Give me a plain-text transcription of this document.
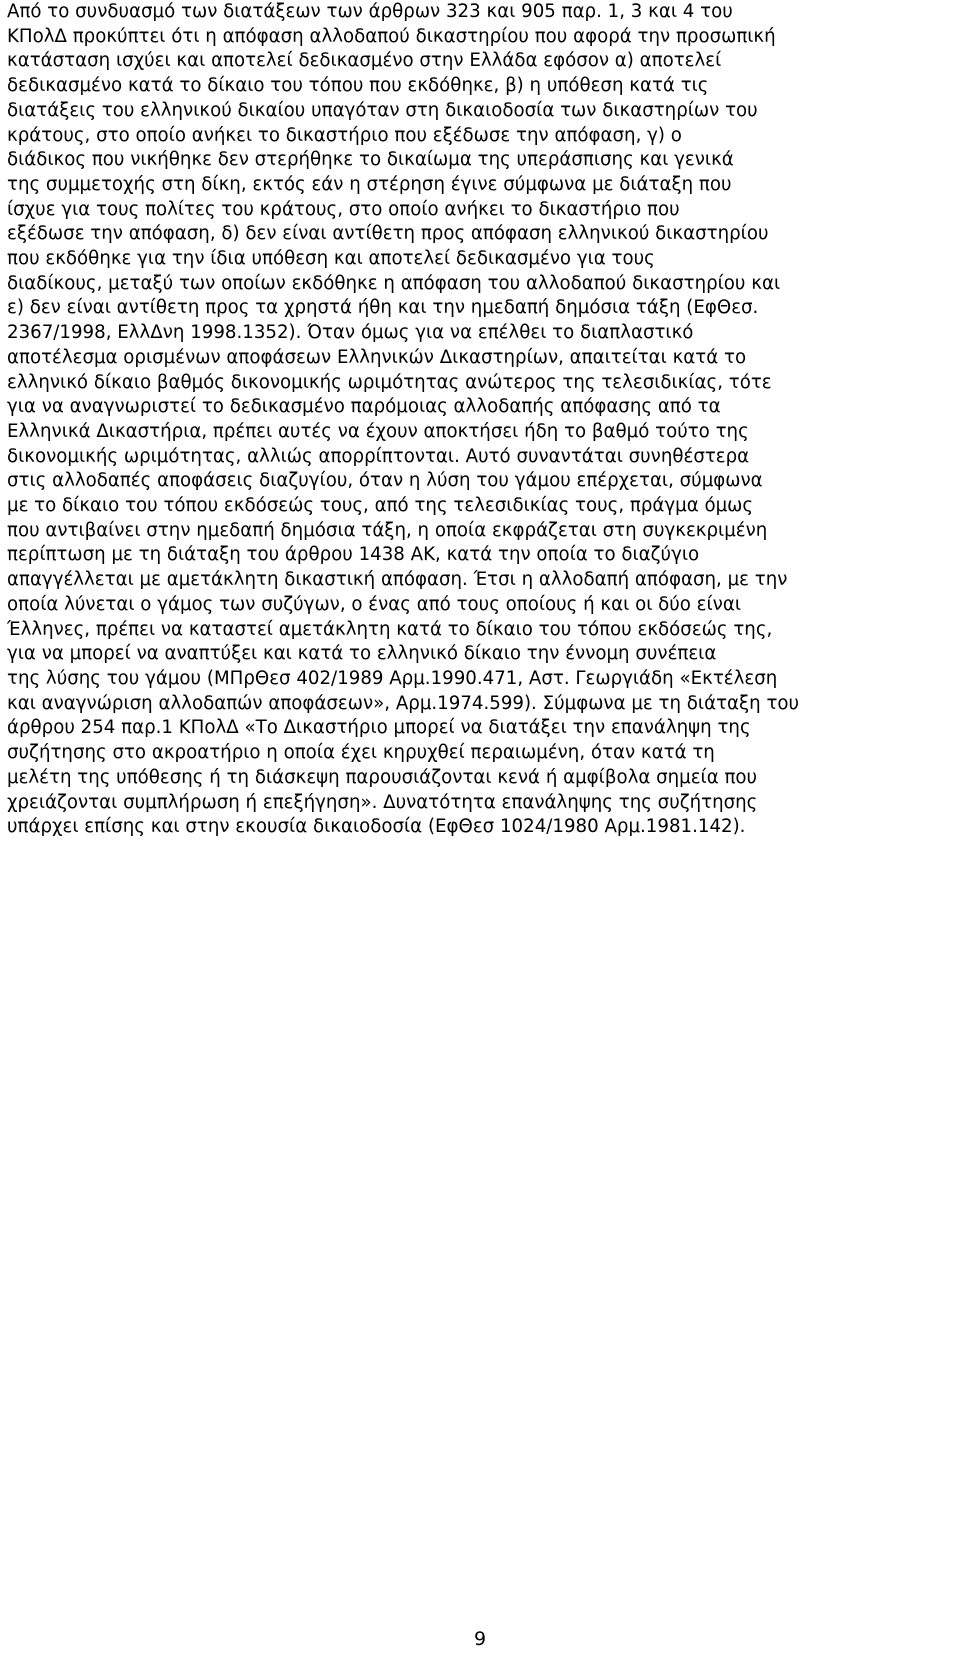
Από το συνδυασμό των διατάξεων των άρθρων 323 και 905 παρ. 1, 3 και 4 του
ΚΠολΔ προκύπτει ότι η απόφαση αλλοδαπού δικαστηρίου που αφορά την προσωπική
κατάσταση ισχύει και αποτελεί δεδικασμένο στην Ελλάδα εφόσον α) αποτελεί
δεδικασμένο κατά το δίκαιο του τόπου που εκδόθηκε, β) η υπόθεση κατά τις
διατάξεις του ελληνικού δικαίου υπαγόταν στη δικαιοδοσία των δικαστηρίων του
κράτους, στο οποίο ανήκει το δικαστήριο που εξέδωσε την απόφαση, γ) ο
διάδικος που νικήθηκε δεν στερήθηκε το δικαίωμα της υπεράσπισης και γενικά
της συμμετοχής στη δίκη, εκτός εάν η στέρηση έγινε σύμφωνα με διάταξη που
ίσχυε για τους πολίτες του κράτους, στο οποίο ανήκει το δικαστήριο που
εξέδωσε την απόφαση, δ) δεν είναι αντίθετη προς απόφαση ελληνικού δικαστηρίου
που εκδόθηκε για την ίδια υπόθεση και αποτελεί δεδικασμένο για τους
διαδίκους, μεταξύ των οποίων εκδόθηκε η απόφαση του αλλοδαπού δικαστηρίου και
ε) δεν είναι αντίθετη προς τα χρηστά ήθη και την ημεδαπή δημόσια τάξη (ΕφΘεσ.
2367/1998, ΕλλΔνη 1998.1352). Όταν όμως για να επέλθει το διαπλαστικό
αποτέλεσμα ορισμένων αποφάσεων Ελληνικών Δικαστηρίων, απαιτείται κατά το
ελληνικό δίκαιο βαθμός δικονομικής ωριμότητας ανώτερος της τελεσιδικίας, τότε
για να αναγνωριστεί το δεδικασμένο παρόμοιας αλλοδαπής απόφασης από τα
Ελληνικά Δικαστήρια, πρέπει αυτές να έχουν αποκτήσει ήδη το βαθμό τούτο της
δικονομικής ωριμότητας, αλλιώς απορρίπτονται. Αυτό συναντάται συνηθέστερα
στις αλλοδαπές αποφάσεις διαζυγίου, όταν η λύση του γάμου επέρχεται, σύμφωνα
με το δίκαιο του τόπου εκδόσεώς τους, από της τελεσιδικίας τους, πράγμα όμως
που αντιβαίνει στην ημεδαπή δημόσια τάξη, η οποία εκφράζεται στη συγκεκριμένη
περίπτωση με τη διάταξη του άρθρου 1438 ΑΚ, κατά την οποία το διαζύγιο
απαγγέλλεται με αμετάκλητη δικαστική απόφαση. Έτσι η αλλοδαπή απόφαση, με την
οποία λύνεται ο γάμος των συζύγων, ο ένας από τους οποίους ή και οι δύο είναι
Έλληνες, πρέπει να καταστεί αμετάκλητη κατά το δίκαιο του τόπου εκδόσεώς της,
για να μπορεί να αναπτύξει και κατά το ελληνικό δίκαιο την έννομη συνέπεια
της λύσης του γάμου (ΜΠρΘεσ 402/1989 Αρμ.1990.471, Αστ. Γεωργιάδη «Εκτέλεση
και αναγνώριση αλλοδαπών αποφάσεων», Αρμ.1974.599). Σύμφωνα με τη διάταξη του
άρθρου 254 παρ.1 ΚΠολΔ «Το Δικαστήριο μπορεί να διατάξει την επανάληψη της
συζήτησης στο ακροατήριο η οποία έχει κηρυχθεί περαιωμένη, όταν κατά τη
μελέτη της υπόθεσης ή τη διάσκεψη παρουσιάζονται κενά ή αμφίβολα σημεία που
χρειάζονται συμπλήρωση ή επεξήγηση». Δυνατότητα επανάληψης της συζήτησης
υπάρχει επίσης και στην εκουσία δικαιοδοσία (ΕφΘεσ 1024/1980 Αρμ.1981.142).

9
